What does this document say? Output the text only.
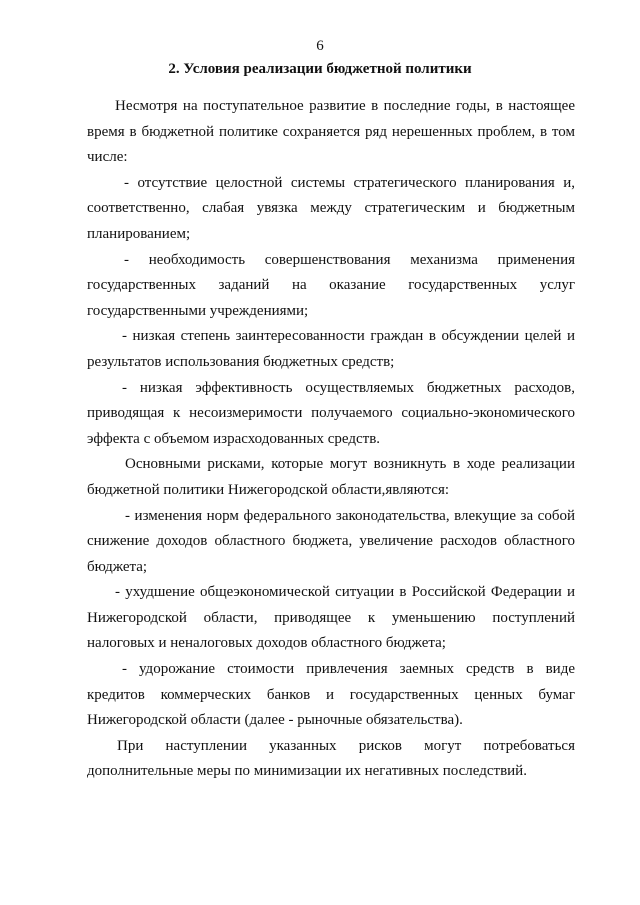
6
2. Условия реализации бюджетной политики

Несмотря на поступательное развитие в последние годы, в настоящее время в бюджетной политике сохраняется ряд нерешенных проблем, в том числе:

- отсутствие целостной системы стратегического планирования и, соответственно, слабая увязка между стратегическим и бюджетным планированием;

- необходимость совершенствования механизма применения государственных заданий на оказание государственных услуг государственными учреждениями;

- низкая степень заинтересованности граждан в обсуждении целей и результатов использования бюджетных средств;

- низкая эффективность осуществляемых бюджетных расходов, приводящая к несоизмеримости получаемого социально-экономического эффекта с объемом израсходованных средств.

Основными рисками, которые могут возникнуть в ходе реализации бюджетной политики Нижегородской области,являются:

- изменения норм федерального законодательства, влекущие за собой снижение доходов областного бюджета, увеличение расходов областного бюджета;

- ухудшение общеэкономической ситуации в Российской Федерации и Нижегородской области, приводящее к уменьшению поступлений налоговых и неналоговых доходов областного бюджета;

- удорожание стоимости привлечения заемных средств в виде кредитов коммерческих банков и государственных ценных бумаг Нижегородской области (далее - рыночные обязательства).

При наступлении указанных рисков могут потребоваться дополнительные меры по минимизации их негативных последствий.
